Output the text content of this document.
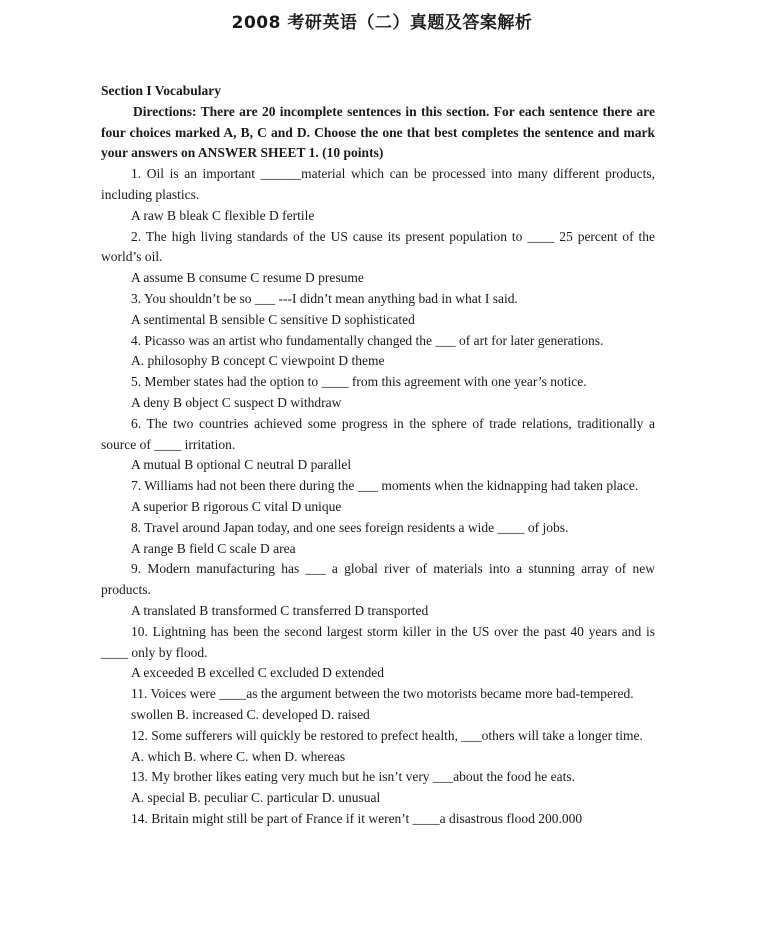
2008 考研英语（二）真题及答案解析

Section I Vocabulary

Directions: There are 20 incomplete sentences in this section. For each sentence there are four choices marked A, B, C and D. Choose the one that best completes the sentence and mark your answers on ANSWER SHEET 1. (10 points)

1. Oil is an important ______material which can be processed into many different products, including plastics.

A raw B bleak C flexible D fertile

2. The high living standards of the US cause its present population to ____ 25 percent of the world’s oil.

A assume B consume C resume D presume

3. You shouldn’t be so ___ ---I didn’t mean anything bad in what I said.

A sentimental B sensible C sensitive D sophisticated

4. Picasso was an artist who fundamentally changed the ___ of art for later generations.

A. philosophy B concept C viewpoint D theme

5. Member states had the option to ____ from this agreement with one year’s notice.

A deny B object C suspect D withdraw

6. The two countries achieved some progress in the sphere of trade relations, traditionally a source of ____ irritation.

A mutual B optional C neutral D parallel

7. Williams had not been there during the ___ moments when the kidnapping had taken place.

A superior B rigorous C vital D unique

8. Travel around Japan today, and one sees foreign residents a wide ____ of jobs.

A range B field C scale D area

9. Modern manufacturing has ___ a global river of materials into a stunning array of new products.

A translated B transformed C transferred D transported

10. Lightning has been the second largest storm killer in the US over the past 40 years and is ____ only by flood.

A exceeded B excelled C excluded D extended

11. Voices were ____as the argument between the two motorists became more bad-tempered.

swollen B. increased C. developed D. raised

12. Some sufferers will quickly be restored to prefect health, ___others will take a longer time.

A. which B. where C. when D. whereas

13. My brother likes eating very much but he isn’t very ___about the food he eats.

A. special B. peculiar C. particular D. unusual

14. Britain might still be part of France if it weren’t ____a disastrous flood 200.000
